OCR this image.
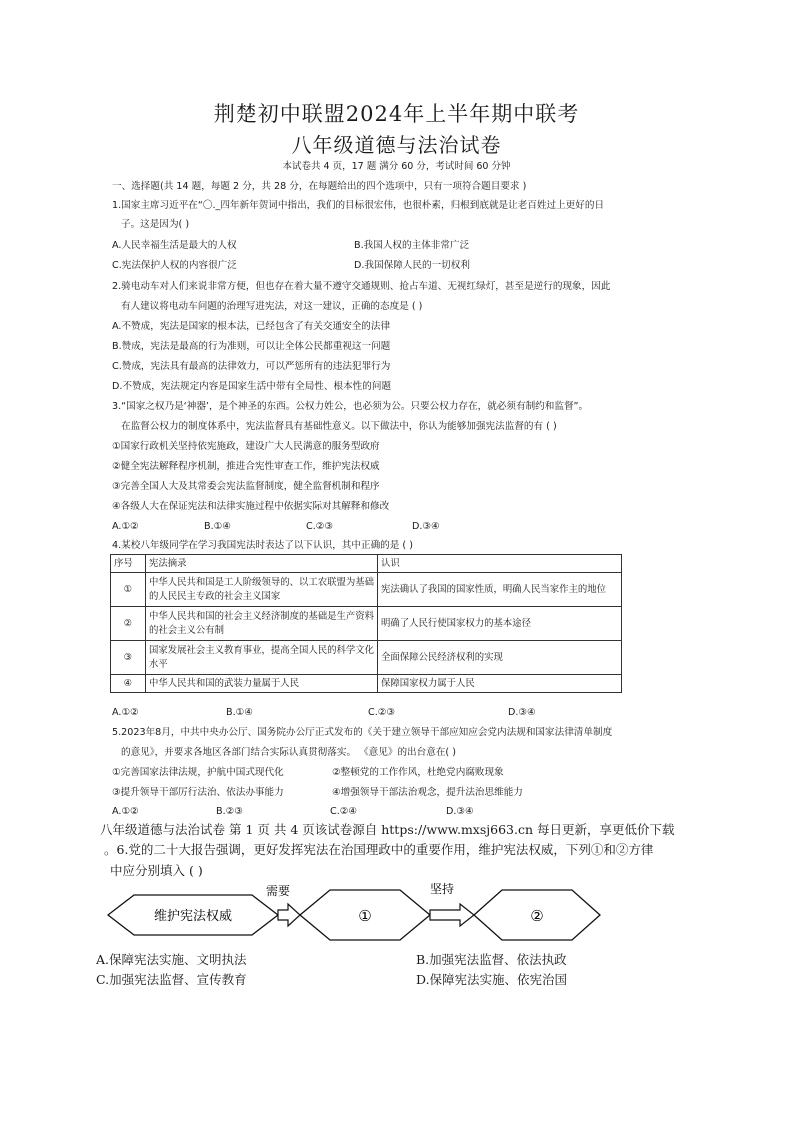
荆楚初中联盟2024年上半年期中联考
八年级道德与法治试卷
本试卷共 4 页，17 题 满分 60 分，考试时间 60 分钟
一、选择题(共 14 题，每题 2 分，共 28 分，在每题给出的四个选项中，只有一项符合题目要求 )
1.国家主席习近平在“〇._四年新年贺词中指出，我们的目标很宏伟，也很朴素，归根到底就是让老百姓过上更好的日
子。这是因为( )
A.人民幸福生活是最大的人权	B.我国人权的主体非常广泛
C.宪法保护人权的内容很广泛	D.我国保障人民的一切权利
2.骑电动车对人们来说非常方便，但也存在着大量不遵守交通规则、抢占车道、无视红绿灯，甚至是逆行的现象，因此
有人建议将电动车问题的治理写进宪法，对这一建议，正确的态度是 ( )
A.不赞成，宪法是国家的根本法，已经包含了有关交通安全的法律
B.赞成，宪法是最高的行为准则，可以让全体公民都重视这一问题
C.赞成，宪法具有最高的法律效力，可以严惩所有的违法犯罪行为
D.不赞成，宪法规定内容是国家生活中带有全局性、根本性的问题
3.“国家之权乃是‘神器’，是个神圣的东西。公权力姓公，也必须为公。只要公权力存在，就必须有制约和监督”。
在监督公权力的制度体系中，宪法监督具有基础性意义。以下做法中，你认为能够加强宪法监督的有 ( )
①国家行政机关坚持依宪施政，建设广大人民满意的服务型政府
②健全宪法解释程序机制，推进合宪性审查工作，维护宪法权威
③完善全国人大及其常委会宪法监督制度，健全监督机制和程序
④各级人大在保证宪法和法律实施过程中依据实际对其解释和修改
A.①②	B.①④	C.②③	D.③④
4.某校八年级同学在学习我国宪法时表达了以下认识，其中正确的是 ( )
序号	宪法摘录	认识
①	中华人民共和国是工人阶级领导的、以工农联盟为基础的人民民主专政的社会主义国家	宪法确认了我国的国家性质，明确人民当家作主的地位
②	中华人民共和国的社会主义经济制度的基础是生产资料的社会主义公有制	明确了人民行使国家权力的基本途径
③	国家发展社会主义教育事业，提高全国人民的科学文化水平	全面保障公民经济权利的实现
④	中华人民共和国的武装力量属于人民	保障国家权力属于人民
A.①②	B.①④	C.②③	D.③④
5.2023年8月，中共中央办公厅、国务院办公厅正式发布的《关于建立领导干部应知应会党内法规和国家法律清单制度
的意见》，并要求各地区各部门结合实际认真贯彻落实。 《意见》的出台意在( )
①完善国家法律法规，护航中国式现代化	②整顿党的工作作风，杜绝党内腐败现象
③提升领导干部厉行法治、依法办事能力	④增强领导干部法治观念，提升法治思维能力
A.①②	B.②③	C.②④	D.③④
八年级道德与法治试卷 第 1 页 共 4 页该试卷源自 https://www.mxsj663.cn 每日更新，享更低价下载
。6.党的二十大报告强调，更好发挥宪法在治国理政中的重要作用，维护宪法权威，下列①和②方律
中应分别填入 ( )
维护宪法权威
需要
①
坚持
②
A.保障宪法实施、文明执法	B.加强宪法监督、依法执政
C.加强宪法监督、宣传教育	D.保障宪法实施、依宪治国
